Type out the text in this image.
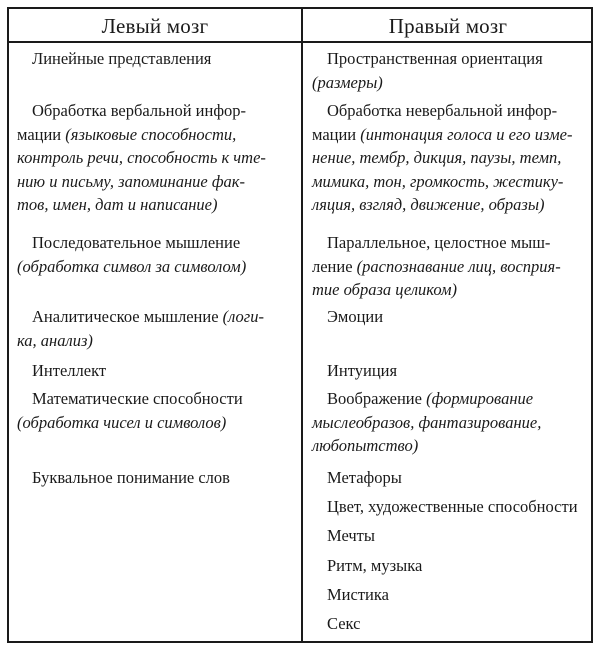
Левый мозг	Правый мозг
Линейные представления
Обработка вербальной инфор-
мации (языковые способности,
контроль речи, способность к чте-
нию и письму, запоминание фак-
тов, имен, дат и написание)
Последовательное мышление
(обработка символ за символом)
Аналитическое мышление (логи-
ка, анализ)
Интеллект
Математические способности
(обработка чисел и символов)
Буквальное понимание слов
Пространственная ориентация
(размеры)
Обработка невербальной инфор-
мации (интонация голоса и его изме-
нение, тембр, дикция, паузы, темп,
мимика, тон, громкость, жестику-
ляция, взгляд, движение, образы)
Параллельное, целостное мыш-
ление (распознавание лиц, восприя-
тие образа целиком)
Эмоции
Интуиция
Воображение (формирование
мыслеобразов, фантазирование,
любопытство)
Метафоры
Цвет, художественные способности
Мечты
Ритм, музыка
Мистика
Секс
